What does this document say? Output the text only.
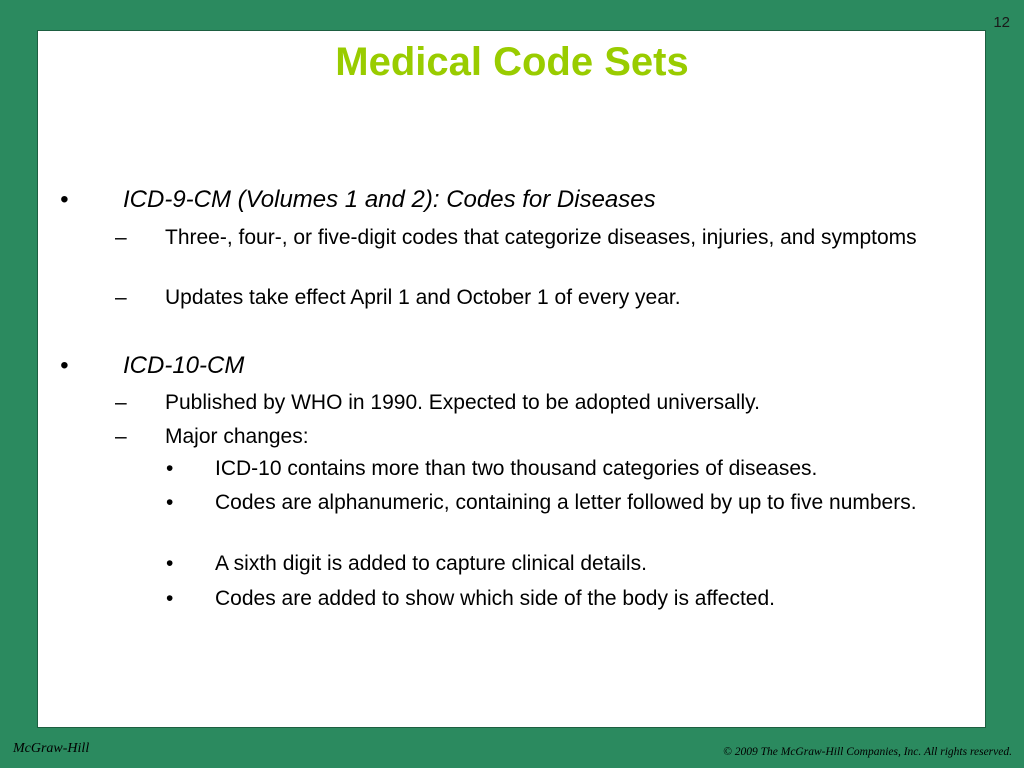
12
Medical Code Sets
• ICD-9-CM (Volumes 1 and 2): Codes for Diseases
– Three-, four-, or five-digit codes that categorize diseases, injuries, and symptoms
– Updates take effect April 1 and October 1 of every year.
• ICD-10-CM
– Published by WHO in 1990. Expected to be adopted universally.
– Major changes:
• ICD-10 contains more than two thousand categories of diseases.
• Codes are alphanumeric, containing a letter followed by up to five numbers.
• A sixth digit is added to capture clinical details.
• Codes are added to show which side of the body is affected.
McGraw-Hill	© 2009 The McGraw-Hill Companies, Inc. All rights reserved.
